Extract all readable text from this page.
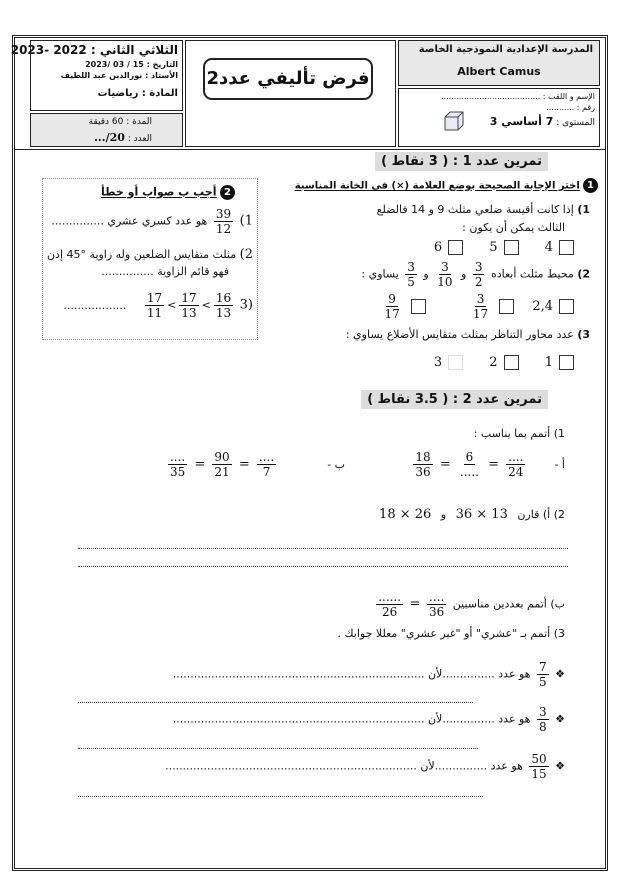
المدرسة الإعدادية النموذجية الخاصة
Albert Camus
الإسم و اللقب : .......................................
رقم : ...........
المستوى : 7 أساسي 3
فرض تأليفي عدد2
الثلاثي الثاني : 2022 -2023
التاريخ : 15 / 03 /2023
الأستاذ : نورالدين عبد اللطيف
المادة : رياضيات
المدة : 60 دقيقة
العدد : .../20
تمرين عدد 1 : ( 3 نقاط )
1 اختر الإجابة الصحيحة بوضع العلامة (×) في الخانة المناسبة
1) إذا كانت أقيسة ضلعي مثلث 9 و 14 فالضلع
الثالث يمكن أن يكون :
4 5 6
2) محيط مثلث أبعاده
$\frac{3}{2}$
و
$\frac{3}{10}$
و
$\frac{3}{5}$
يساوي :
2,4
$\frac{3}{17}$

$\frac{9}{17}$
3) عدد محاور التناظر بمثلث متقايس الأضلاع يساوي :
1 2 3
2 أجب ب صواب أو خطأ
1)
$\frac{39}{12}$
هو عدد كسري عشري ...............
2) مثلث متقايس الضلعين وله زاوية °45 إذن
فهو قائم الزاوية ...............
(3
$\frac{16}{13}$
>
$\frac{17}{13}$
>
$\frac{17}{11}$
..................
تمرين عدد 2 : ( 3.5 نقاط )
1) أتمم بما يناسب :
أ -
$\frac{....}{24}$
=
$\frac{6}{.....}$
=
$\frac{18}{36}$
ب -
$\frac{....}{7}$
=
$\frac{90}{21}$
=
$\frac{....}{35}$
2) أ) قارن 36 × 13 و 18 × 26
ب) أتمم بعددين مناسبين
$\frac{....}{36}$
=
$\frac{......}{26}$
3) أتمم بـ "عشري" أو "غير عشري" معللا جوابك .
❖
$\frac{7}{5}$
هو عدد ...............لأن ........................................................................
❖
$\frac{3}{8}$
هو عدد ...............لأن ........................................................................
❖
$\frac{50}{15}$
هو عدد ...............لأن ........................................................................
